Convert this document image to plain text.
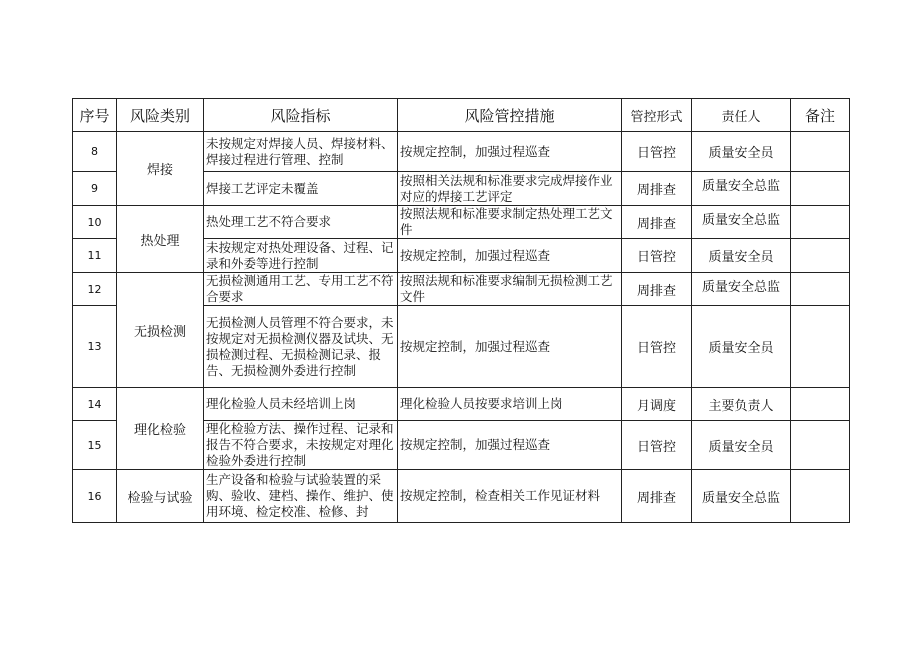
序号	风险类别	风险指标	风险管控措施	管控形式	责任人	备注
8	焊接	未按规定对焊接人员、焊接材料、焊接过程进行管理、控制	按规定控制，加强过程巡查	日管控	质量安全员	
9		焊接工艺评定未覆盖	按照相关法规和标准要求完成焊接作业对应的焊接工艺评定	周排查	质量安全总监	
10	热处理	热处理工艺不符合要求	按照法规和标准要求制定热处理工艺文件	周排查	质量安全总监	
11		未按规定对热处理设备、过程、记录和外委等进行控制	按规定控制，加强过程巡查	日管控	质量安全员	
12	无损检测	无损检测通用工艺、专用工艺不符合要求	按照法规和标准要求编制无损检测工艺文件	周排查	质量安全总监	
13		无损检测人员管理不符合要求，未按规定对无损检测仪器及试块、无损检测过程、无损检测记录、报告、无损检测外委进行控制	按规定控制，加强过程巡查	日管控	质量安全员	
14	理化检验	理化检验人员未经培训上岗	理化检验人员按要求培训上岗	月调度	主要负责人	
15		理化检验方法、操作过程、记录和报告不符合要求，未按规定对理化检验外委进行控制	按规定控制，加强过程巡查	日管控	质量安全员	
16	检验与试验	生产设备和检验与试验装置的采购、验收、建档、操作、维护、使用环境、检定校准、检修、封	按规定控制，检查相关工作见证材料	周排查	质量安全总监	
